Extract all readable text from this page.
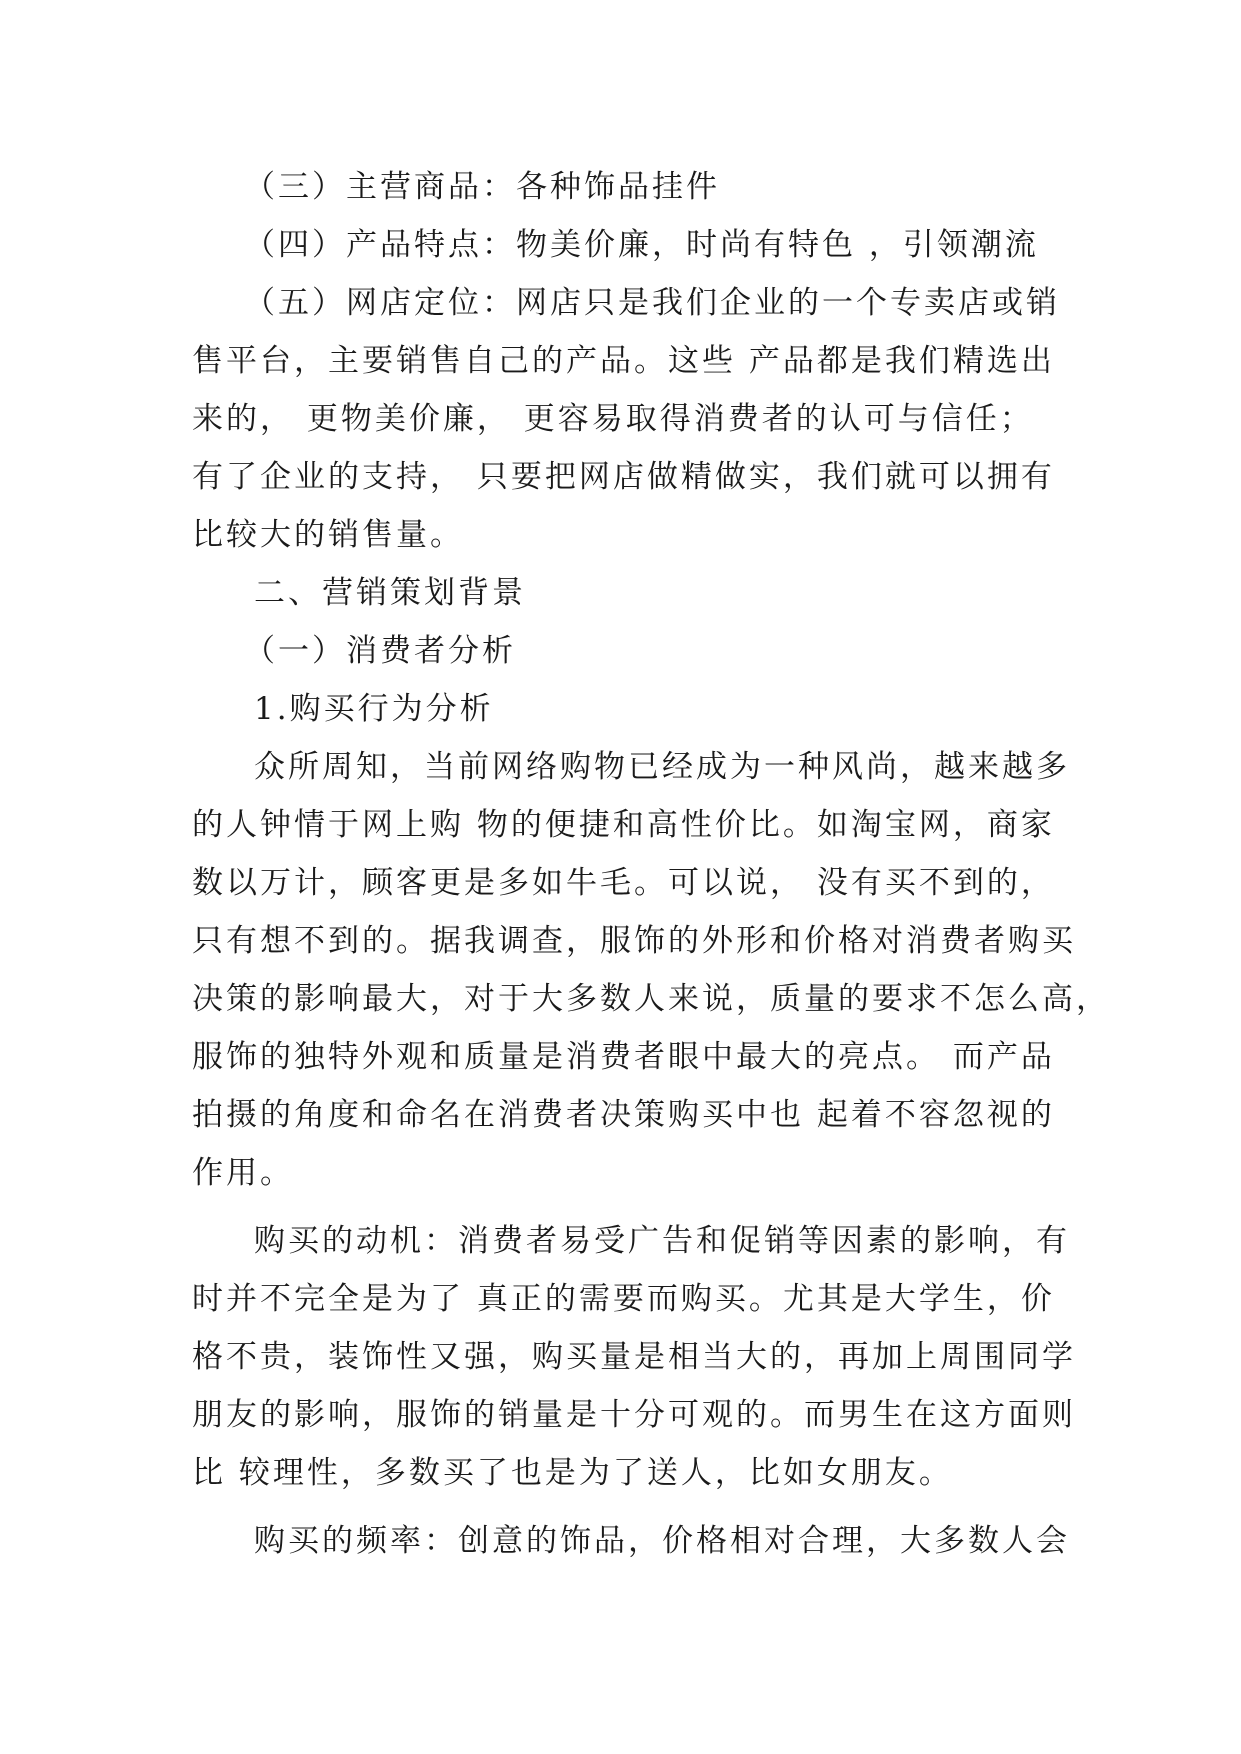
（三）主营商品：各种饰品挂件
（四）产品特点：物美价廉，时尚有特色 ，引领潮流
（五）网店定位：网店只是我们企业的一个专卖店或销
售平台，主要销售自己的产品。这些 产品都是我们精选出
来的， 更物美价廉， 更容易取得消费者的认可与信任；
有了企业的支持， 只要把网店做精做实，我们就可以拥有
比较大的销售量。
二、营销策划背景
（一）消费者分析
1.购买行为分析
众所周知，当前网络购物已经成为一种风尚，越来越多
的人钟情于网上购 物的便捷和高性价比。如淘宝网，商家
数以万计，顾客更是多如牛毛。可以说， 没有买不到的，
只有想不到的。据我调查，服饰的外形和价格对消费者购买
决策的影响最大，对于大多数人来说，质量的要求不怎么高，
服饰的独特外观和质量是消费者眼中最大的亮点。 而产品
拍摄的角度和命名在消费者决策购买中也 起着不容忽视的
作用。
购买的动机：消费者易受广告和促销等因素的影响，有
时并不完全是为了 真正的需要而购买。尤其是大学生，价
格不贵，装饰性又强，购买量是相当大的，再加上周围同学
朋友的影响，服饰的销量是十分可观的。而男生在这方面则
比 较理性，多数买了也是为了送人，比如女朋友。
购买的频率：创意的饰品，价格相对合理，大多数人会
